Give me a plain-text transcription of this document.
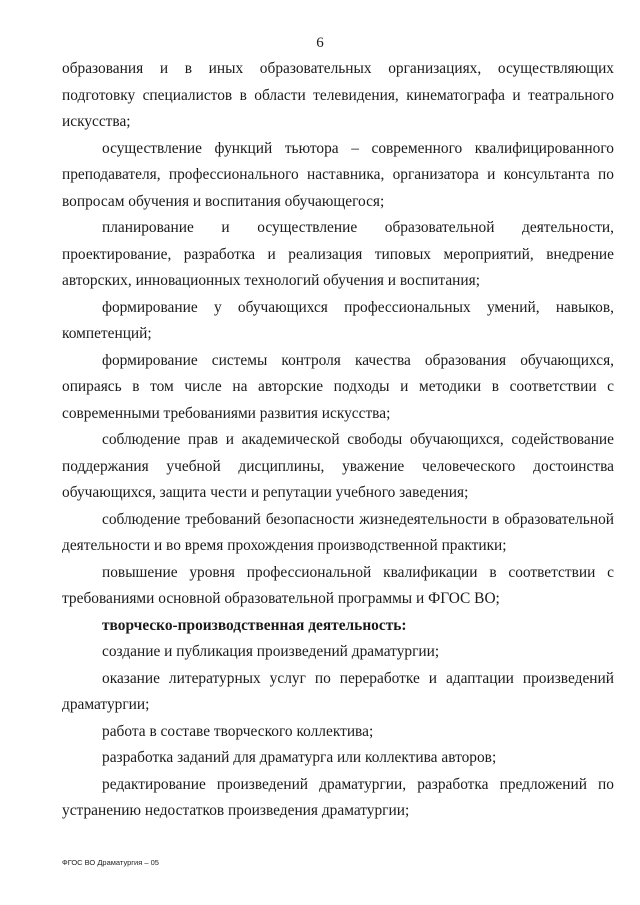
6

образования и в иных образовательных организациях, осуществляющих подготовку специалистов в области телевидения, кинематографа и театрального искусства;

осуществление функций тьютора – современного квалифицированного преподавателя, профессионального наставника, организатора и консультанта по вопросам обучения и воспитания обучающегося;

планирование и осуществление образовательной деятельности, проектирование, разработка и реализация типовых мероприятий, внедрение авторских, инновационных технологий обучения и воспитания;

формирование у обучающихся профессиональных умений, навыков, компетенций;

формирование системы контроля качества образования обучающихся, опираясь в том числе на авторские подходы и методики в соответствии с современными требованиями развития искусства;

соблюдение прав и академической свободы обучающихся, содействование поддержания учебной дисциплины, уважение человеческого достоинства обучающихся, защита чести и репутации учебного заведения;

соблюдение требований безопасности жизнедеятельности в образовательной деятельности и во время прохождения производственной практики;

повышение уровня профессиональной квалификации в соответствии с требованиями основной образовательной программы и ФГОС ВО;

творческо-производственная деятельность:

создание и публикация произведений драматургии;

оказание литературных услуг по переработке и адаптации произведений драматургии;

работа в составе творческого коллектива;

разработка заданий для драматурга или коллектива авторов;

редактирование произведений драматургии, разработка предложений по устранению недостатков произведения драматургии;

ФГОС ВО Драматургия – 05
